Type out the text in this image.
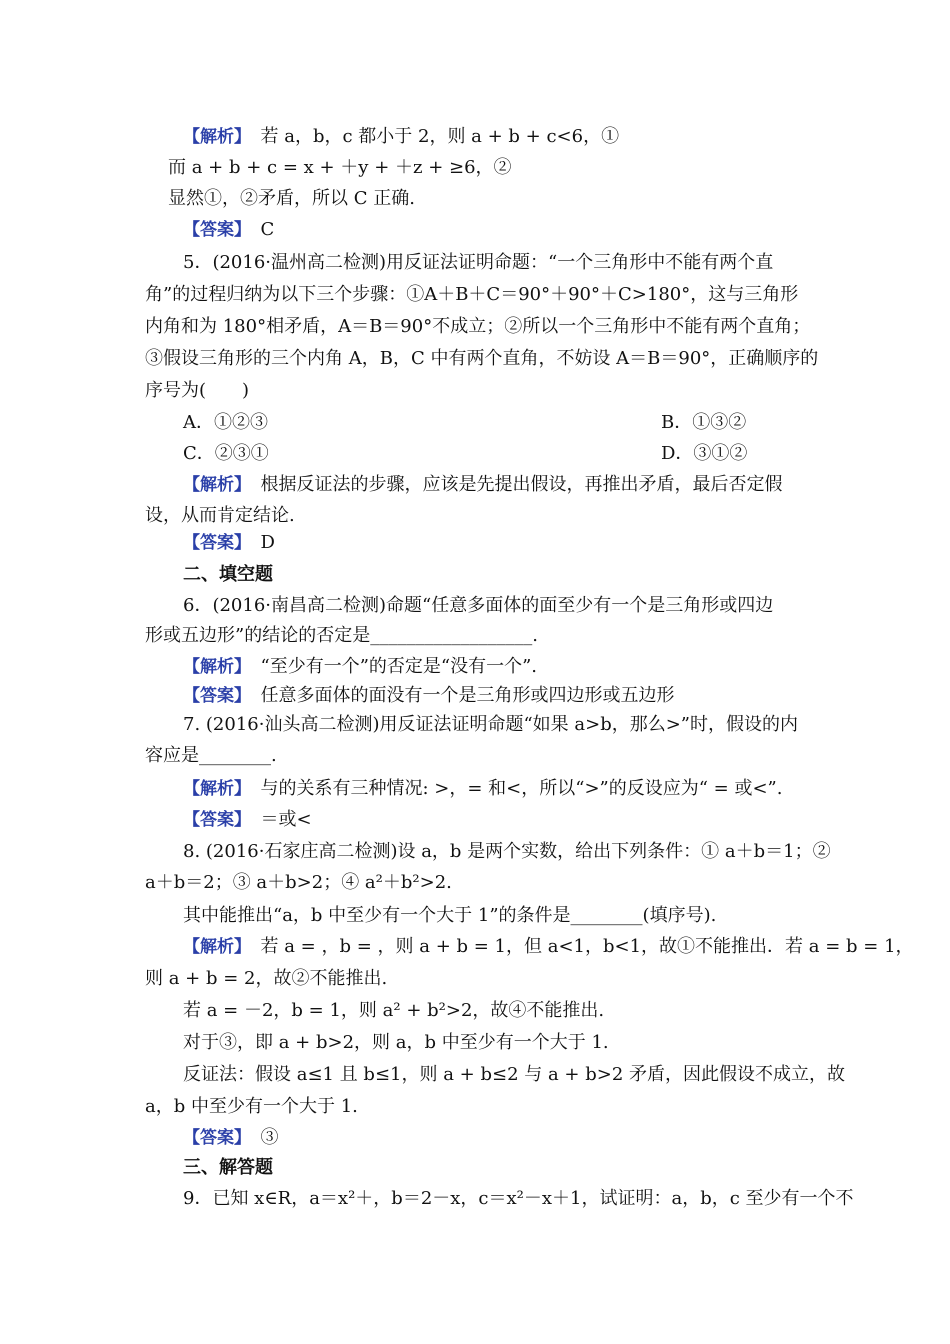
【解析】　若 a，b，c 都小于 2，则 a + b + c<6，①
而 a + b + c = x + ＋y + ＋z + ≥6，②
显然①，②矛盾，所以 C 正确.
【答案】　C
5．(2016·温州高二检测)用反证法证明命题：“一个三角形中不能有两个直
角”的过程归纳为以下三个步骤：①A＋B＋C＝90°＋90°＋C>180°，这与三角形
内角和为 180°相矛盾，A＝B＝90°不成立；②所以一个三角形中不能有两个直角；
③假设三角形的三个内角 A，B，C 中有两个直角，不妨设 A＝B＝90°，正确顺序的
序号为(　　)
A．①②③	B．①③②
C．②③①	D．③①②
【解析】　根据反证法的步骤，应该是先提出假设，再推出矛盾，最后否定假
设，从而肯定结论.
【答案】　D
二、填空题
6．(2016·南昌高二检测)命题“任意多面体的面至少有一个是三角形或四边
形或五边形”的结论的否定是__________________.
【解析】　“至少有一个”的否定是“没有一个”.
【答案】　任意多面体的面没有一个是三角形或四边形或五边形
7. (2016·汕头高二检测)用反证法证明命题“如果 a>b，那么>”时，假设的内
容应是________.
【解析】　与的关系有三种情况: >，= 和<，所以“>”的反设应为“ = 或<”.
【答案】　＝或<
8. (2016·石家庄高二检测)设 a，b 是两个实数，给出下列条件：① a＋b＝1；②
a＋b＝2；③ a＋b>2；④ a²＋b²>2.
其中能推出“a，b 中至少有一个大于 1”的条件是________(填序号).
【解析】　若 a = ，b = ，则 a + b = 1，但 a<1，b<1，故①不能推出．若 a = b = 1，
则 a + b = 2，故②不能推出.
若 a = －2，b = 1，则 a² + b²>2，故④不能推出.
对于③，即 a + b>2，则 a，b 中至少有一个大于 1.
反证法：假设 a≤1 且 b≤1，则 a + b≤2 与 a + b>2 矛盾，因此假设不成立，故
a，b 中至少有一个大于 1.
【答案】　③
三、解答题
9．已知 x∈R，a＝x²＋，b＝2－x，c＝x²－x＋1，试证明：a，b，c 至少有一个不
